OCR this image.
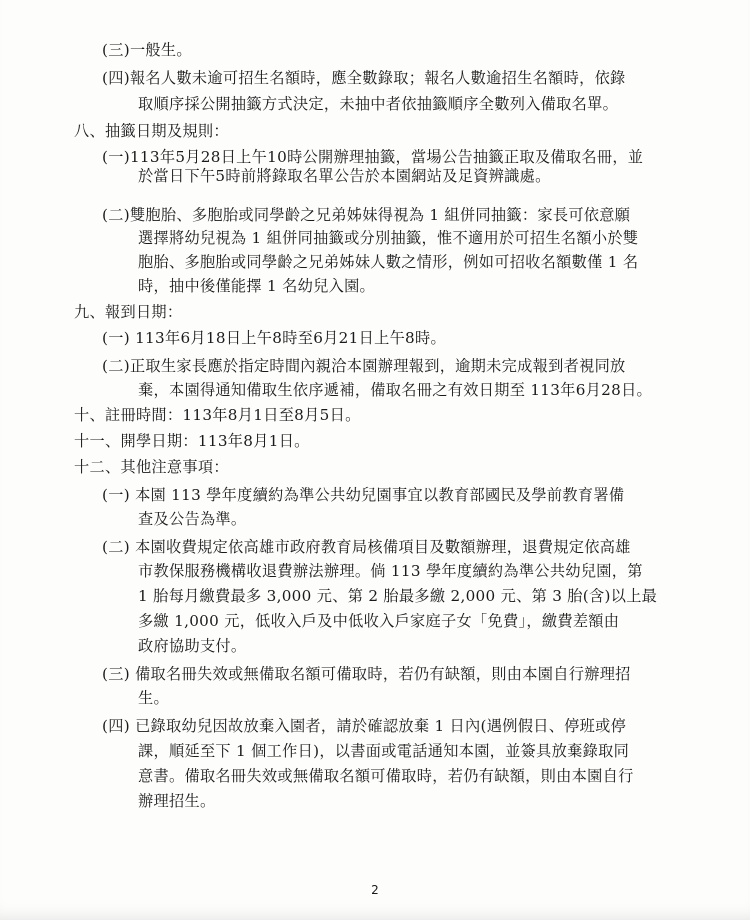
(三)一般生。
(四)報名人數未逾可招生名額時，應全數錄取；報名人數逾招生名額時，依錄
取順序採公開抽籤方式決定，未抽中者依抽籤順序全數列入備取名單。
八、抽籤日期及規則：
(一)113年5月28日上午10時公開辦理抽籤，當場公告抽籤正取及備取名冊，並
於當日下午5時前將錄取名單公告於本園網站及足資辨識處。
(二)雙胞胎、多胞胎或同學齡之兄弟姊妹得視為 1 組併同抽籤：家長可依意願
選擇將幼兒視為 1 組併同抽籤或分別抽籤，惟不適用於可招生名額小於雙
胞胎、多胞胎或同學齡之兄弟姊妹人數之情形，例如可招收名額數僅 1 名
時，抽中後僅能擇 1 名幼兒入園。
九、報到日期：
(一) 113年6月18日上午8時至6月21日上午8時。
(二)正取生家長應於指定時間內親洽本園辦理報到，逾期未完成報到者視同放
棄，本園得通知備取生依序遞補，備取名冊之有效日期至 113年6月28日。
十、註冊時間：113年8月1日至8月5日。
十一、開學日期：113年8月1日。
十二、其他注意事項：
(一) 本園 113 學年度續約為準公共幼兒園事宜以教育部國民及學前教育署備
查及公告為準。
(二) 本園收費規定依高雄市政府教育局核備項目及數額辦理，退費規定依高雄
市教保服務機構收退費辦法辦理。倘 113 學年度續約為準公共幼兒園，第
1 胎每月繳費最多 3,000 元、第 2 胎最多繳 2,000 元、第 3 胎(含)以上最
多繳 1,000 元，低收入戶及中低收入戶家庭子女「免費」，繳費差額由
政府協助支付。
(三) 備取名冊失效或無備取名額可備取時，若仍有缺額，則由本園自行辦理招
生。
(四) 已錄取幼兒因故放棄入園者，請於確認放棄 1 日內(遇例假日、停班或停
課，順延至下 1 個工作日)，以書面或電話通知本園，並簽具放棄錄取同
意書。備取名冊失效或無備取名額可備取時，若仍有缺額，則由本園自行
辦理招生。
2
